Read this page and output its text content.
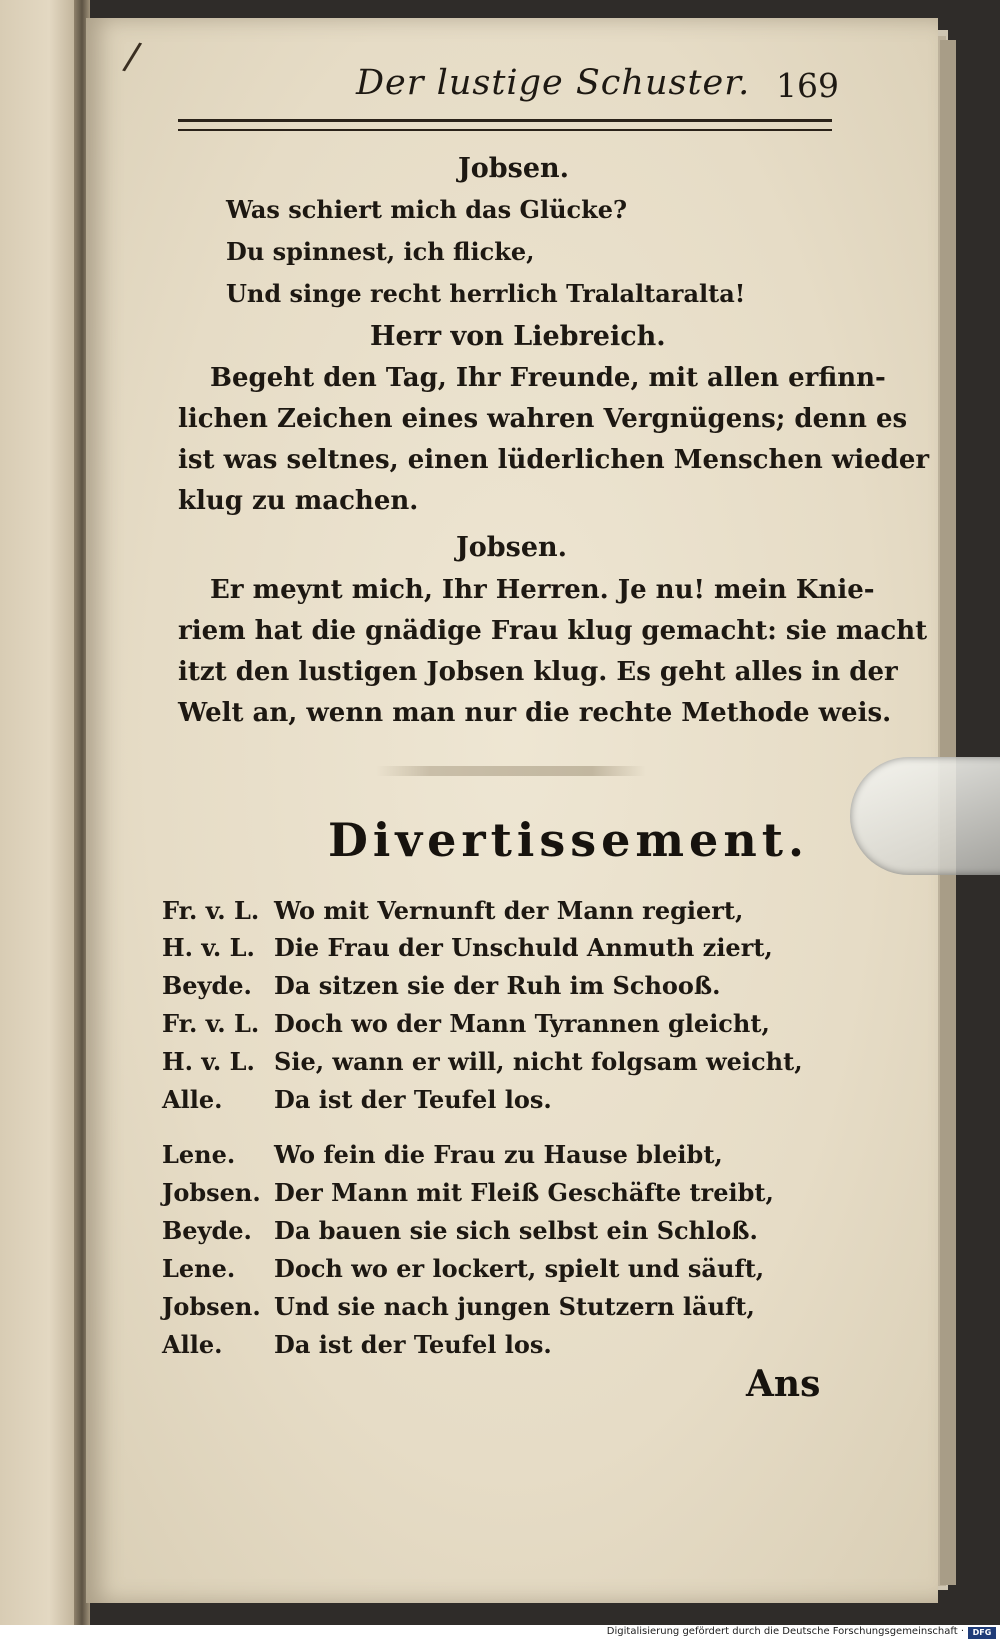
/
Der lustige Schuster. 169
Jobsen.
Was schiert mich das Glücke?
Du spinnest, ich flicke,
Und singe recht herrlich Tralaltaralta!
Herr von Liebreich.
Begeht den Tag, Ihr Freunde, mit allen erfinn-
lichen Zeichen eines wahren Vergnügens; denn es
ist was seltnes, einen lüderlichen Menschen wieder
klug zu machen.
Jobsen.
Er meynt mich, Ihr Herren. Je nu! mein Knie-
riem hat die gnädige Frau klug gemacht: sie macht
itzt den lustigen Jobsen klug. Es geht alles in der
Welt an, wenn man nur die rechte Methode weis.
Divertissement.
Fr. v. L. Wo mit Vernunft der Mann regiert,
H. v. L. Die Frau der Unschuld Anmuth ziert,
Beyde. Da sitzen sie der Ruh im Schooß.
Fr. v. L. Doch wo der Mann Tyrannen gleicht,
H. v. L. Sie, wann er will, nicht folgsam weicht,
Alle. Da ist der Teufel los.
Lene. Wo fein die Frau zu Hause bleibt,
Jobsen. Der Mann mit Fleiß Geschäfte treibt,
Beyde. Da bauen sie sich selbst ein Schloß.
Lene. Doch wo er lockert, spielt und säuft,
Jobsen. Und sie nach jungen Stutzern läuft,
Alle. Da ist der Teufel los.
Ans
Digitalisierung gefördert durch die Deutsche Forschungsgemeinschaft ·	DFG
